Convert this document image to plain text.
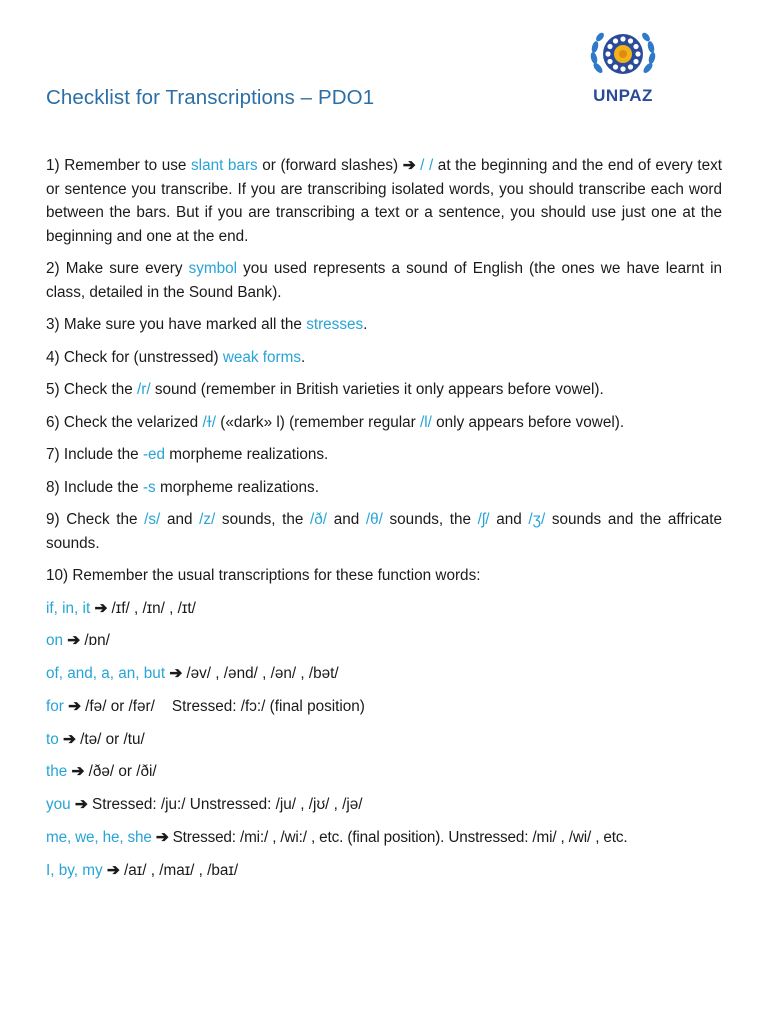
Checklist for Transcriptions – PDO1	UNPAZ

1) Remember to use slant bars or (forward slashes) ➔ / / at the beginning and the end of every text or sentence you transcribe. If you are transcribing isolated words, you should transcribe each word between the bars. But if you are transcribing a text or a sentence, you should use just one at the beginning and one at the end.

2) Make sure every symbol you used represents a sound of English (the ones we have learnt in class, detailed in the Sound Bank).

3) Make sure you have marked all the stresses.

4) Check for (unstressed) weak forms.

5) Check the /r/ sound (remember in British varieties it only appears before vowel).

6) Check the velarized /ɫ/ («dark» l) (remember regular /l/ only appears before vowel).

7) Include the -ed morpheme realizations.

8) Include the -s morpheme realizations.

9) Check the /s/ and /z/ sounds, the /ð/ and /θ/ sounds, the /ʃ/ and /ʒ/ sounds and the affricate sounds.

10) Remember the usual transcriptions for these function words:

if, in, it ➔ /ɪf/ , /ɪn/ , /ɪt/
on ➔ /ɒn/
of, and, a, an, but ➔ /əv/ , /ənd/ , /ən/ , /bət/
for ➔ /fə/ or /fər/    Stressed: /fɔ:/ (final position)
to ➔ /tə/ or /tu/
the ➔ /ðə/ or /ði/
you ➔ Stressed: /ju:/ Unstressed: /ju/ , /jʊ/ , /jə/
me, we, he, she ➔ Stressed: /mi:/ , /wi:/ , etc. (final position). Unstressed: /mi/ , /wi/ , etc.
I, by, my ➔ /aɪ/ , /maɪ/ , /baɪ/
